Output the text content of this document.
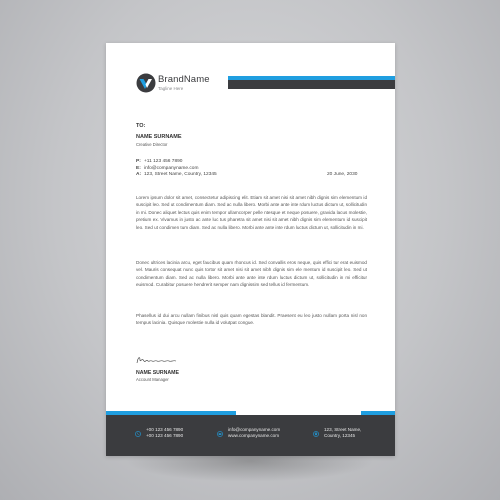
BrandName
Tagline Here
TO:
NAME SURNAME
Creative Director
P: +11 123 456 7890
E: info@companyname.com
A: 123, Street Name, Country, 12345	20 June, 2030

Lorem ipsum dolor sit amet, consectetur adipiscing elit. Etiam sit amet nisi sit amet nibh dignis sim elementum id suscipit leo. Sed ut condimentum diam. Sed ac nulla libero. Morbi ante ante inte rdum luctus dictum ut, sollicitudin in mi. Donec aliquet lectus quis enim tempor ullamcorper pelle ntesque et neque posuere, gravida lacus molestie, pretium ex. Vivamus in justo ac ante luc tus pharetra sit amet nisi sit amet nibh dignis sim elementum id suscipit leo. Sed ut condimen tum diam. Sed ac nulla libero. Morbi ante ante inte rdum luctus dictum ut, sollicitudin in mi.

Donec ultrices lacinia arcu, eget faucibus quam rhoncus id. Sed convallis eros neque, quis effici tur erat euismod vel. Mauris consequat nunc quis tortor sit amet nisi sit amet nibh dignis sim ele mentum id suscipit leo. Sed ut condimentum diam. Sed ac nulla libero. Morbi ante ante inte rdum luctus dictum ut, sollicitudin in mi efficitur euismod. Curabitur posuere hendrerit semper nam dignissim sed tellus id fermentum.

Phasellus id dui arcu nullam finibus nisl quis quam egestas blandit. Praesent eu leo justo nullam porta nisl non tempus lacinia. Quisque molestie nulla id volutpat congue.

NAME SURNAME
Account Manager
+00 123 456 7890
+00 123 456 7890
info@companyname.com
www.companyname.com
123, Street Name,
Country, 12345
